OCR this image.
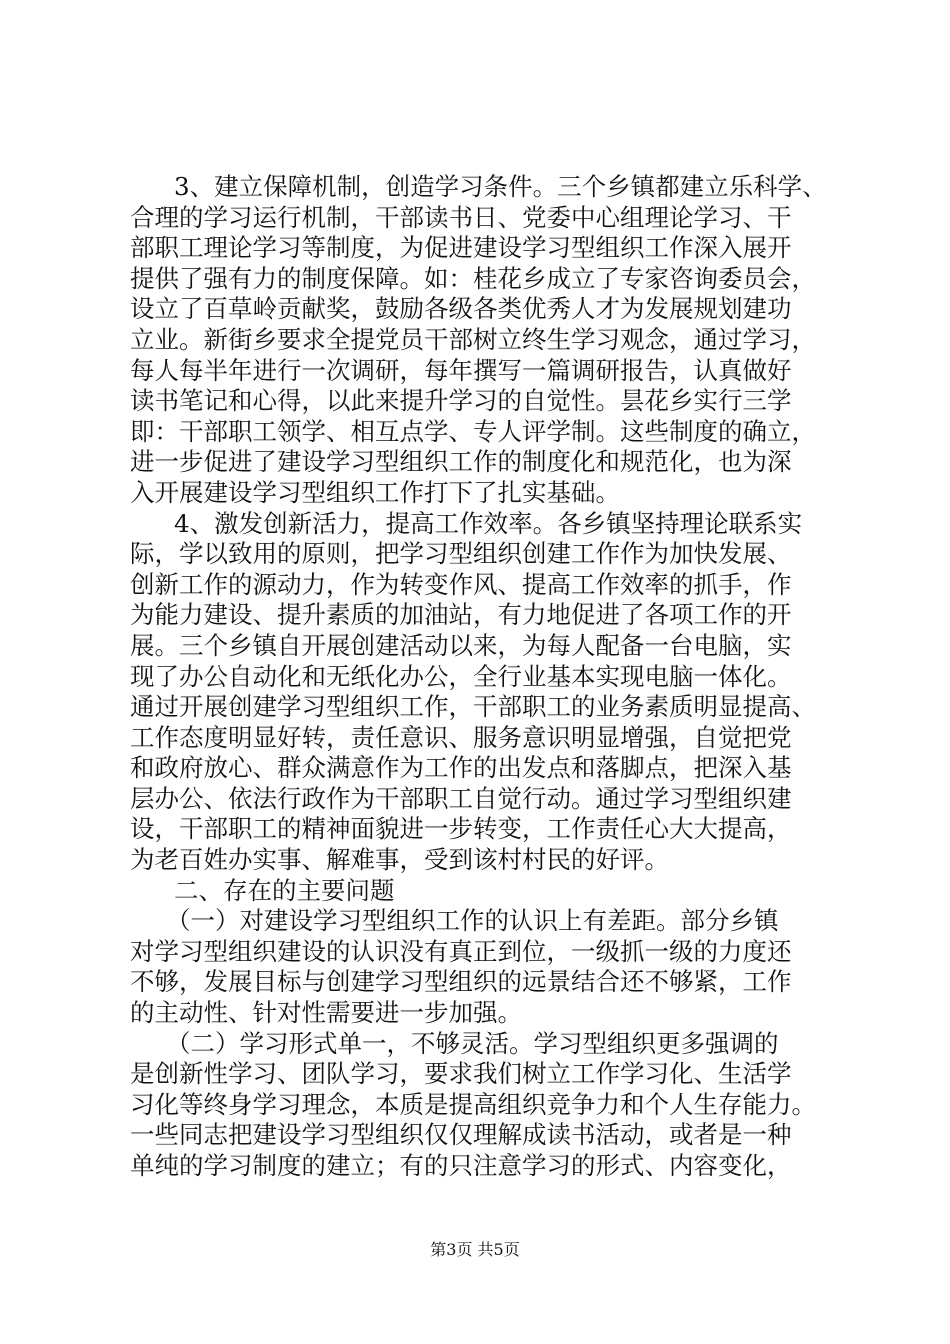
3、建立保障机制，创造学习条件。三个乡镇都建立乐科学、
合理的学习运行机制，干部读书日、党委中心组理论学习、干
部职工理论学习等制度，为促进建设学习型组织工作深入展开
提供了强有力的制度保障。如：桂花乡成立了专家咨询委员会，
设立了百草岭贡献奖，鼓励各级各类优秀人才为发展规划建功
立业。新街乡要求全提党员干部树立终生学习观念，通过学习，
每人每半年进行一次调研，每年撰写一篇调研报告，认真做好
读书笔记和心得，以此来提升学习的自觉性。昙花乡实行三学
即：干部职工领学、相互点学、专人评学制。这些制度的确立，
进一步促进了建设学习型组织工作的制度化和规范化，也为深
入开展建设学习型组织工作打下了扎实基础。
4、激发创新活力，提高工作效率。各乡镇坚持理论联系实
际，学以致用的原则，把学习型组织创建工作作为加快发展、
创新工作的源动力，作为转变作风、提高工作效率的抓手，作
为能力建设、提升素质的加油站，有力地促进了各项工作的开
展。三个乡镇自开展创建活动以来，为每人配备一台电脑，实
现了办公自动化和无纸化办公，全行业基本实现电脑一体化。
通过开展创建学习型组织工作，干部职工的业务素质明显提高、
工作态度明显好转，责任意识、服务意识明显增强，自觉把党
和政府放心、群众满意作为工作的出发点和落脚点，把深入基
层办公、依法行政作为干部职工自觉行动。通过学习型组织建
设，干部职工的精神面貌进一步转变，工作责任心大大提高，
为老百姓办实事、解难事，受到该村村民的好评。
二、存在的主要问题
（一）对建设学习型组织工作的认识上有差距。部分乡镇
对学习型组织建设的认识没有真正到位，一级抓一级的力度还
不够，发展目标与创建学习型组织的远景结合还不够紧，工作
的主动性、针对性需要进一步加强。
（二）学习形式单一，不够灵活。学习型组织更多强调的
是创新性学习、团队学习，要求我们树立工作学习化、生活学
习化等终身学习理念，本质是提高组织竞争力和个人生存能力。
一些同志把建设学习型组织仅仅理解成读书活动，或者是一种
单纯的学习制度的建立；有的只注意学习的形式、内容变化，
第3页 共5页
